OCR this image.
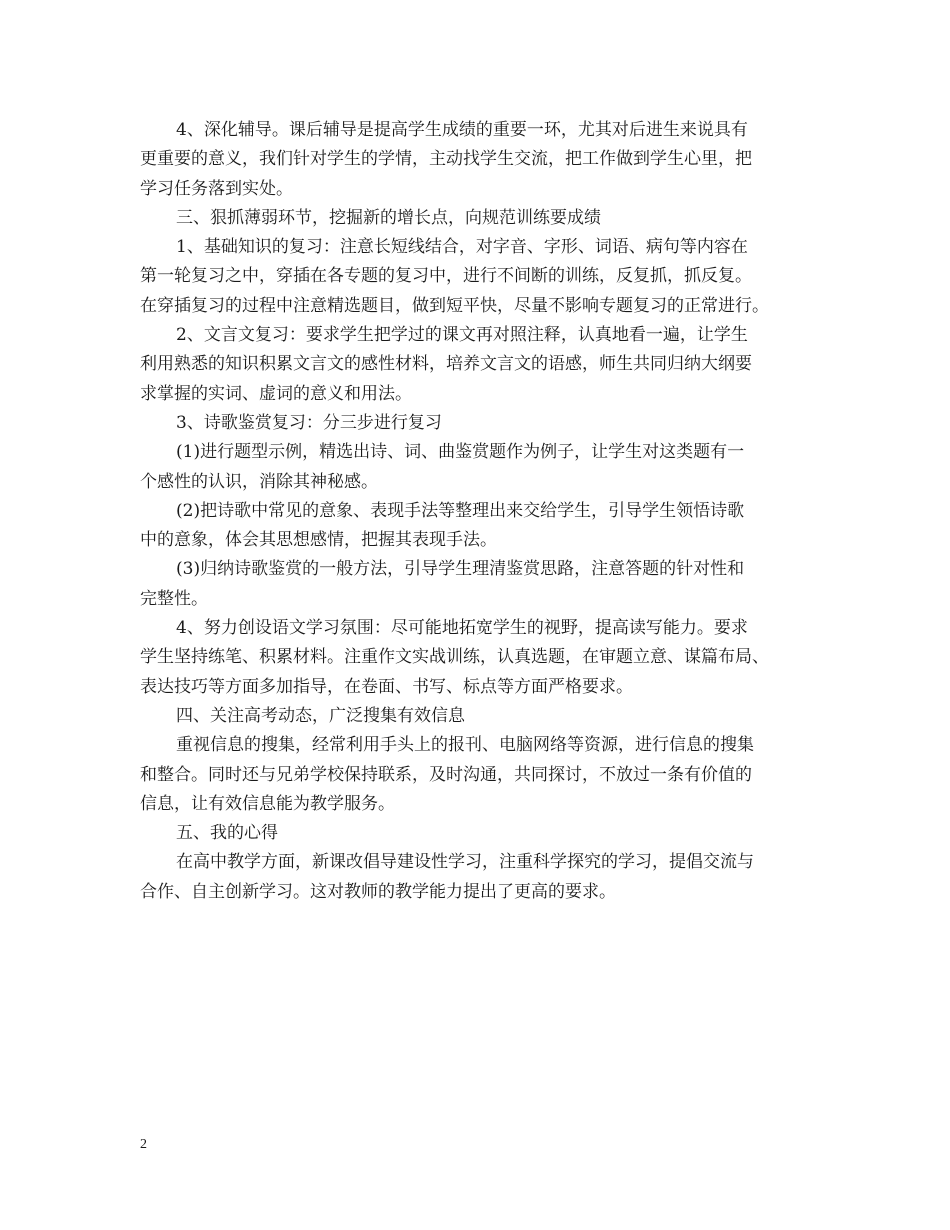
4、深化辅导。课后辅导是提高学生成绩的重要一环，尤其对后进生来说具有
更重要的意义，我们针对学生的学情，主动找学生交流，把工作做到学生心里，把
学习任务落到实处。
三、狠抓薄弱环节，挖掘新的增长点，向规范训练要成绩
1、基础知识的复习：注意长短线结合，对字音、字形、词语、病句等内容在
第一轮复习之中，穿插在各专题的复习中，进行不间断的训练，反复抓，抓反复。
在穿插复习的过程中注意精选题目，做到短平快，尽量不影响专题复习的正常进行。
2、文言文复习：要求学生把学过的课文再对照注释，认真地看一遍，让学生
利用熟悉的知识积累文言文的感性材料，培养文言文的语感，师生共同归纳大纲要
求掌握的实词、虚词的意义和用法。
3、诗歌鉴赏复习：分三步进行复习
(1)进行题型示例，精选出诗、词、曲鉴赏题作为例子，让学生对这类题有一
个感性的认识，消除其神秘感。
(2)把诗歌中常见的意象、表现手法等整理出来交给学生，引导学生领悟诗歌
中的意象，体会其思想感情，把握其表现手法。
(3)归纳诗歌鉴赏的一般方法，引导学生理清鉴赏思路，注意答题的针对性和
完整性。
4、努力创设语文学习氛围：尽可能地拓宽学生的视野，提高读写能力。要求
学生坚持练笔、积累材料。注重作文实战训练，认真选题，在审题立意、谋篇布局、
表达技巧等方面多加指导，在卷面、书写、标点等方面严格要求。
四、关注高考动态，广泛搜集有效信息
重视信息的搜集，经常利用手头上的报刊、电脑网络等资源，进行信息的搜集
和整合。同时还与兄弟学校保持联系，及时沟通，共同探讨，不放过一条有价值的
信息，让有效信息能为教学服务。
五、我的心得
在高中教学方面，新课改倡导建设性学习，注重科学探究的学习，提倡交流与
合作、自主创新学习。这对教师的教学能力提出了更高的要求。
2
